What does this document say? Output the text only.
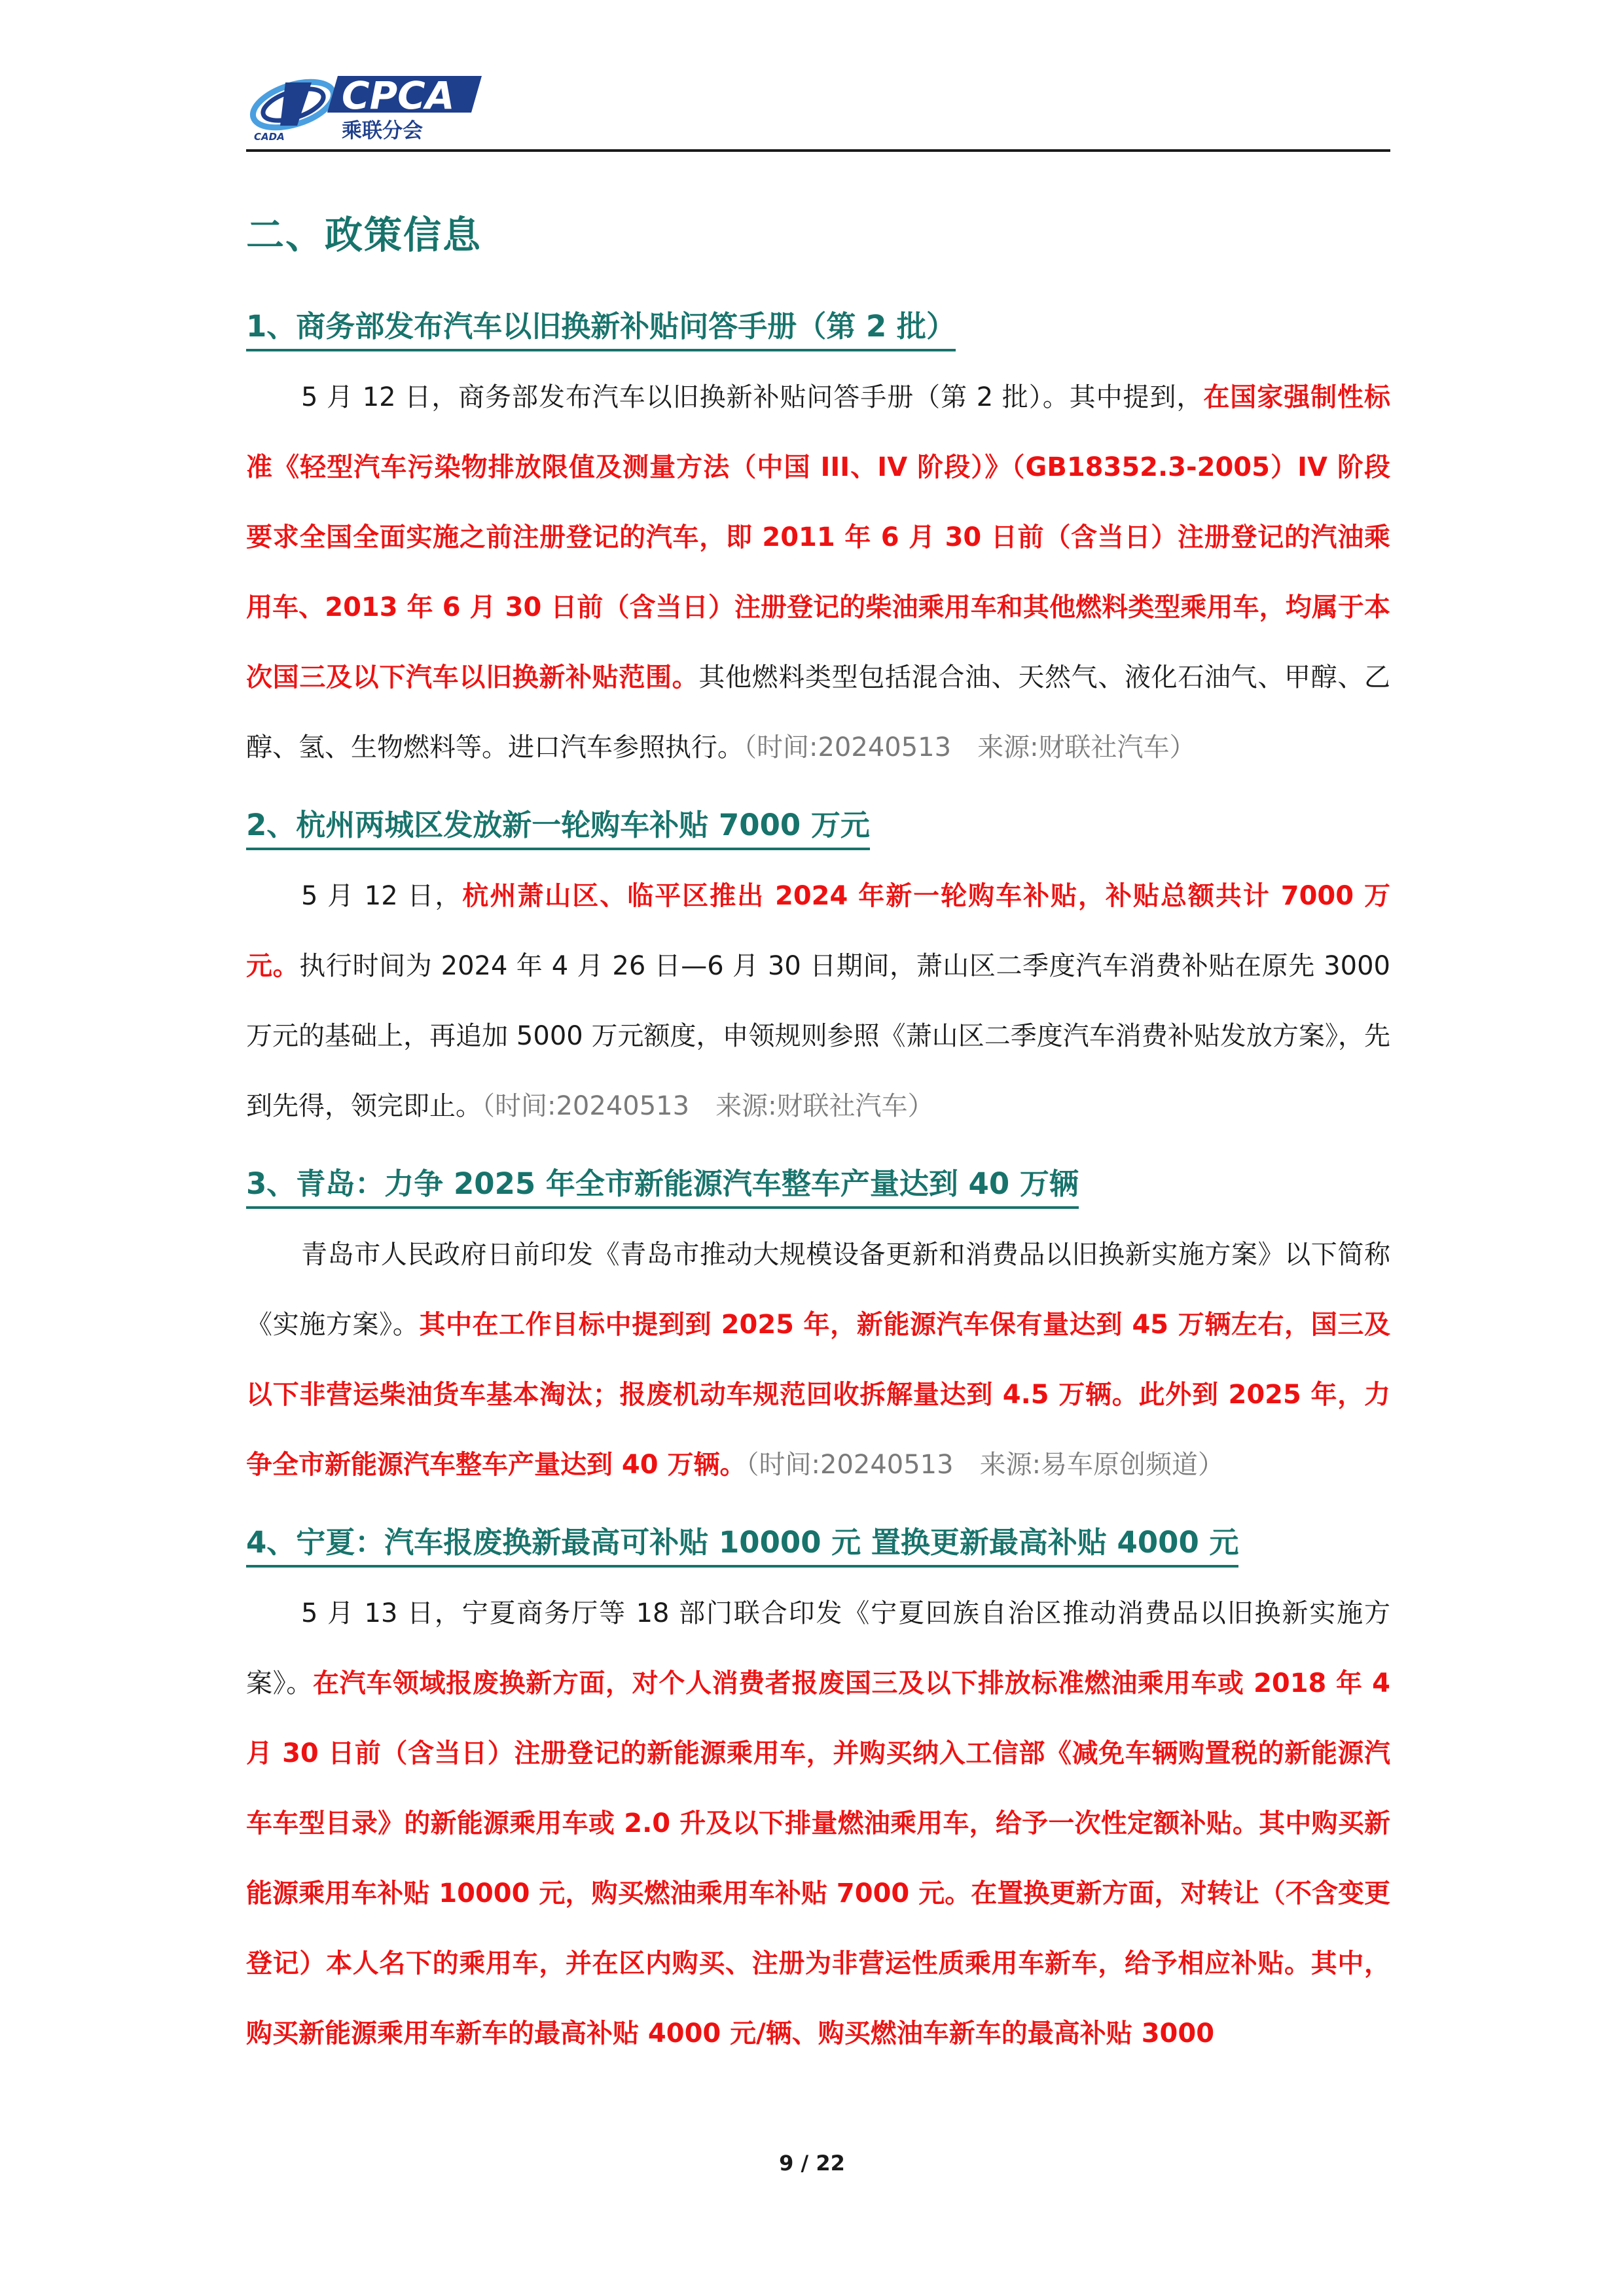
CADA
CPCA
乘联分会
二、政策信息
1、商务部发布汽车以旧换新补贴问答手册（第 2 批）
5 月 12 日，商务部发布汽车以旧换新补贴问答手册（第 2 批）。其中提到，在国家强制性标准《轻型汽车污染物排放限值及测量方法（中国 III、IV 阶段）》（GB18352.3-2005）IV 阶段要求全国全面实施之前注册登记的汽车，即 2011 年 6 月 30 日前（含当日）注册登记的汽油乘用车、2013 年 6 月 30 日前（含当日）注册登记的柴油乘用车和其他燃料类型乘用车，均属于本次国三及以下汽车以旧换新补贴范围。其他燃料类型包括混合油、天然气、液化石油气、甲醇、乙醇、氢、生物燃料等。进口汽车参照执行。（时间:20240513　来源:财联社汽车）
2、杭州两城区发放新一轮购车补贴 7000 万元
5 月 12 日，杭州萧山区、临平区推出 2024 年新一轮购车补贴，补贴总额共计 7000 万元。执行时间为 2024 年 4 月 26 日—6 月 30 日期间，萧山区二季度汽车消费补贴在原先 3000 万元的基础上，再追加 5000 万元额度，申领规则参照《萧山区二季度汽车消费补贴发放方案》，先到先得，领完即止。（时间:20240513　来源:财联社汽车）
3、青岛：力争 2025 年全市新能源汽车整车产量达到 40 万辆
青岛市人民政府日前印发《青岛市推动大规模设备更新和消费品以旧换新实施方案》以下简称《实施方案》。其中在工作目标中提到到 2025 年，新能源汽车保有量达到 45 万辆左右，国三及以下非营运柴油货车基本淘汰；报废机动车规范回收拆解量达到 4.5 万辆。此外到 2025 年，力争全市新能源汽车整车产量达到 40 万辆。（时间:20240513　来源:易车原创频道）
4、宁夏：汽车报废换新最高可补贴 10000 元 置换更新最高补贴 4000 元
5 月 13 日，宁夏商务厅等 18 部门联合印发《宁夏回族自治区推动消费品以旧换新实施方案》。在汽车领域报废换新方面，对个人消费者报废国三及以下排放标准燃油乘用车或 2018 年 4 月 30 日前（含当日）注册登记的新能源乘用车，并购买纳入工信部《减免车辆购置税的新能源汽车车型目录》的新能源乘用车或 2.0 升及以下排量燃油乘用车，给予一次性定额补贴。其中购买新能源乘用车补贴 10000 元，购买燃油乘用车补贴 7000 元。在置换更新方面，对转让（不含变更登记）本人名下的乘用车，并在区内购买、注册为非营运性质乘用车新车，给予相应补贴。其中，购买新能源乘用车新车的最高补贴 4000 元/辆、购买燃油车新车的最高补贴 3000
9 / 22
